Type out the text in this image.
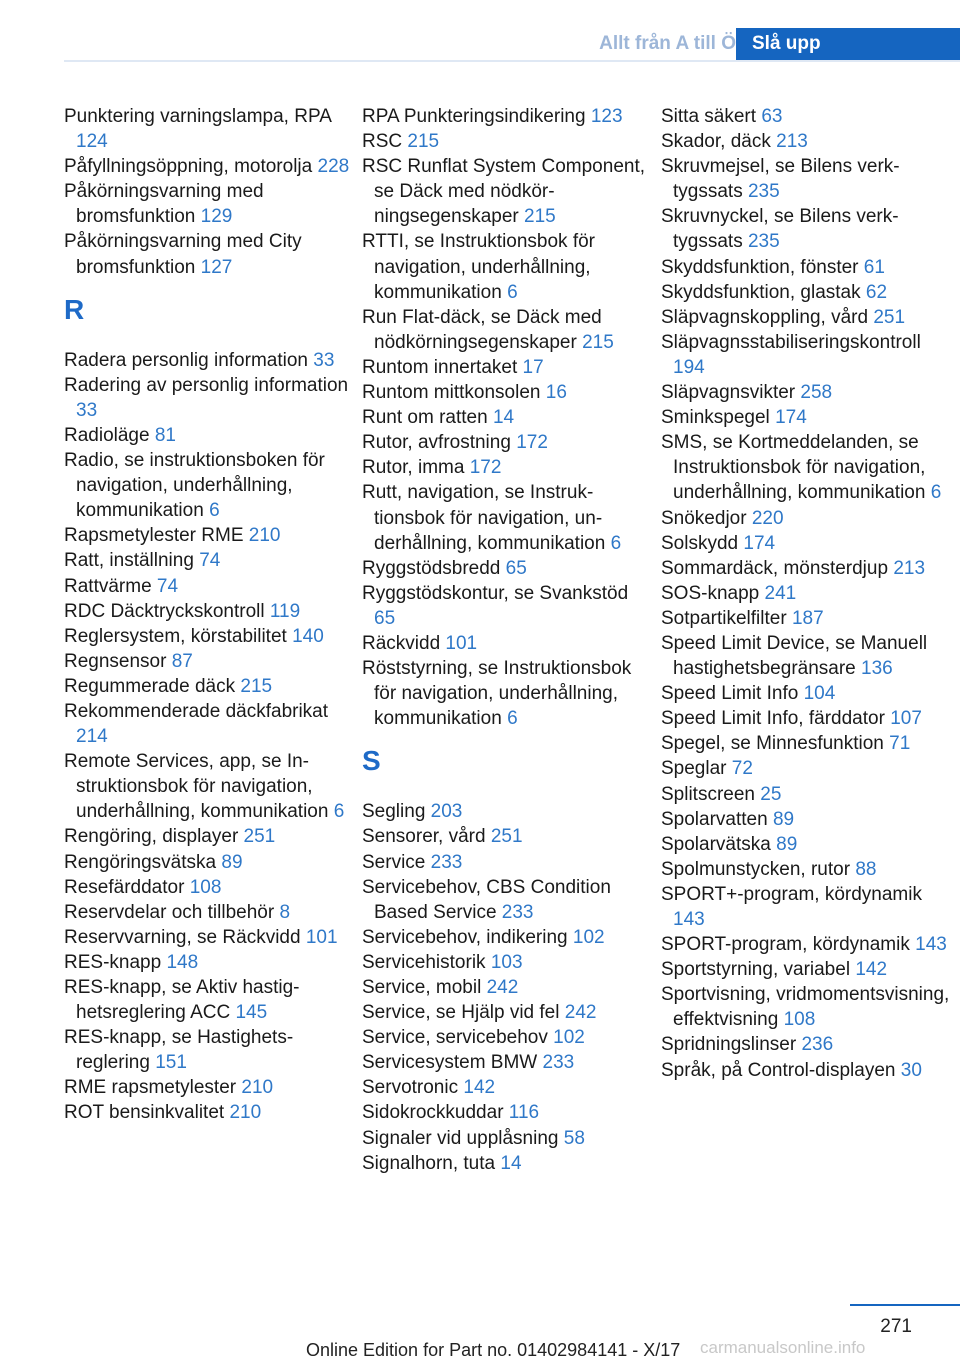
Allt från A till Ö Slå upp
Punktering varningslampa, RPA 124
Påfyllningsöppning, motorolja 228
Påkörningsvarning med bromsfunktion 129
Påkörningsvarning med City bromsfunktion 127
R
Radera personlig information 33
Radering av personlig information 33
Radioläge 81
Radio, se instruktionsboken för navigation, underhållning, kommunikation 6
Rapsmetylester RME 210
Ratt, inställning 74
Rattvärme 74
RDC Däcktryckskontroll 119
Reglersystem, körstabilitet 140
Regnsensor 87
Regummerade däck 215
Rekommenderade däckfabrikat 214
Remote Services, app, se Instruktionsbok för navigation, underhållning, kommunikation 6
Rengöring, displayer 251
Rengöringsvätska 89
Resefärddator 108
Reservdelar och tillbehör 8
Reservvarning, se Räckvidd 101
RES-knapp 148
RES-knapp, se Aktiv hastighetsreglering ACC 145
RES-knapp, se Hastighetsreglering 151
RME rapsmetylester 210
ROT bensinkvalitet 210
RPA Punkteringsindikering 123
RSC 215
RSC Runflat System Component, se Däck med nödkörningsegenskaper 215
RTTI, se Instruktionsbok för navigation, underhållning, kommunikation 6
Run Flat-däck, se Däck med nödkörningsegenskaper 215
Runtom innertaket 17
Runtom mittkonsolen 16
Runt om ratten 14
Rutor, avfrostning 172
Rutor, imma 172
Rutt, navigation, se Instruktionsbok för navigation, underhållning, kommunikation 6
Ryggstödsbredd 65
Ryggstödskontur, se Svankstöd 65
Räckvidd 101
Röststyrning, se Instruktionsbok för navigation, underhållning, kommunikation 6
S
Segling 203
Sensorer, vård 251
Service 233
Servicebehov, CBS Condition Based Service 233
Servicebehov, indikering 102
Servicehistorik 103
Service, mobil 242
Service, se Hjälp vid fel 242
Service, servicebehov 102
Servicesystem BMW 233
Servotronic 142
Sidokrockkuddar 116
Signaler vid upplåsning 58
Signalhorn, tuta 14
Sitta säkert 63
Skador, däck 213
Skruvmejsel, se Bilens verktygssats 235
Skruvnyckel, se Bilens verktygssats 235
Skyddsfunktion, fönster 61
Skyddsfunktion, glastak 62
Släpvagnskoppling, vård 251
Släpvagnsstabiliseringskontroll 194
Släpvagnsvikter 258
Sminkspegel 174
SMS, se Kortmeddelanden, se Instruktionsbok för navigation, underhållning, kommunikation 6
Snökedjor 220
Solskydd 174
Sommardäck, mönsterdjup 213
SOS-knapp 241
Sotpartikelfilter 187
Speed Limit Device, se Manuell hastighetsbegränsare 136
Speed Limit Info 104
Speed Limit Info, färddator 107
Spegel, se Minnesfunktion 71
Speglar 72
Splitscreen 25
Spolarvatten 89
Spolarvätska 89
Spolmunstycken, rutor 88
SPORT+-program, kördynamik 143
SPORT-program, kördynamik 143
Sportstyrning, variabel 142
Sportvisning, vridmomentsvisning, effektvisning 108
Spridningslinser 236
Språk, på Control-displayen 30
271
Online Edition for Part no. 01402984141 - X/17 carmanualsonline.info
